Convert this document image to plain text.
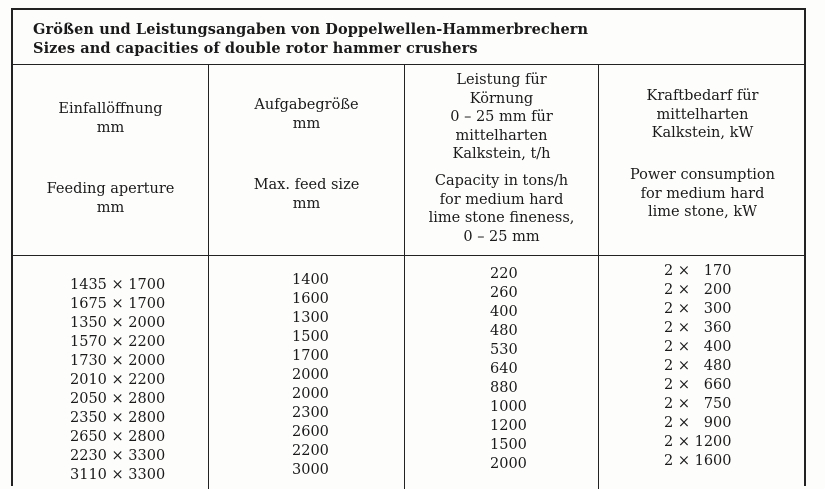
Größen und Leistungsangaben von Doppelwellen-Hammerbrechern
Sizes and capacities of double rotor hammer crushers
Einfallöffnung
mm
Feeding aperture
mm
Aufgabegröße
mm
Max. feed size
mm
Leistung für
Körnung
0 – 25 mm für
mittelharten
Kalkstein, t/h
Capacity in tons/h
for medium hard
lime stone fineness,
0 – 25 mm
Kraftbedarf für
mittelharten
Kalkstein, kW
Power consumption
for medium hard
lime stone, kW
1435 × 1700
1675 × 1700
1350 × 2000
1570 × 2200
1730 × 2000
2010 × 2200
2050 × 2800
2350 × 2800
2650 × 2800
2230 × 3300
3110 × 3300
1400
1600
1300
1500
1700
2000
2000
2300
2600
2200
3000
220
260
400
480
530
640
880
1000
1200
1500
2000
2 ×   170
2 ×   200
2 ×   300
2 ×   360
2 ×   400
2 ×   480
2 ×   660
2 ×   750
2 ×   900
2 × 1200
2 × 1600
